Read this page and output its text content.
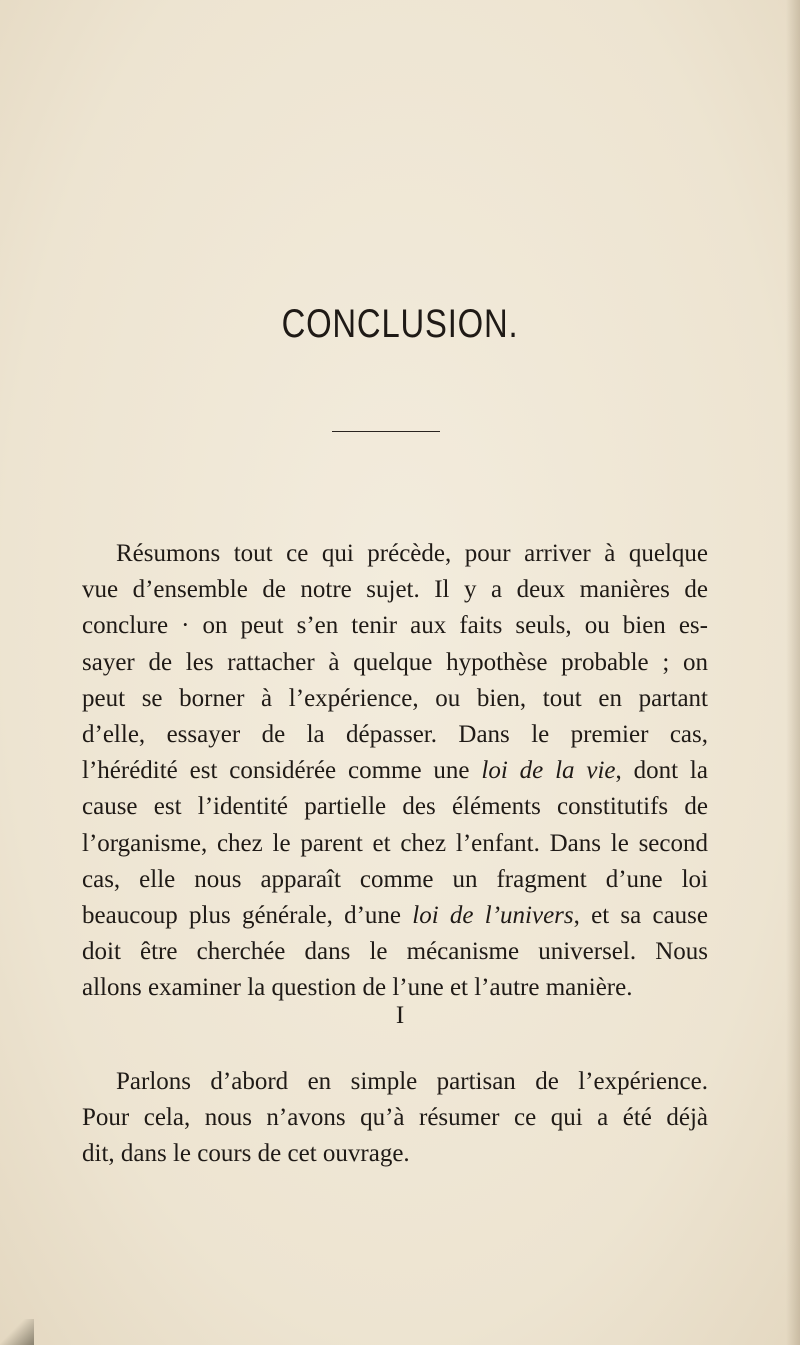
CONCLUSION.

Résumons tout ce qui précède, pour arriver à quelque
vue d’ensemble de notre sujet. Il y a deux manières de
conclure · on peut s’en tenir aux faits seuls, ou bien es-
sayer de les rattacher à quelque hypothèse probable ; on
peut se borner à l’expérience, ou bien, tout en partant
d’elle, essayer de la dépasser. Dans le premier cas,
l’hérédité est considérée comme une loi de la vie, dont la
cause est l’identité partielle des éléments constitutifs de
l’organisme, chez le parent et chez l’enfant. Dans le second
cas, elle nous apparaît comme un fragment d’une loi
beaucoup plus générale, d’une loi de l’univers, et sa cause
doit être cherchée dans le mécanisme universel. Nous
allons examiner la question de l’une et l’autre manière.

I

Parlons d’abord en simple partisan de l’expérience.
Pour cela, nous n’avons qu’à résumer ce qui a été déjà
dit, dans le cours de cet ouvrage.
